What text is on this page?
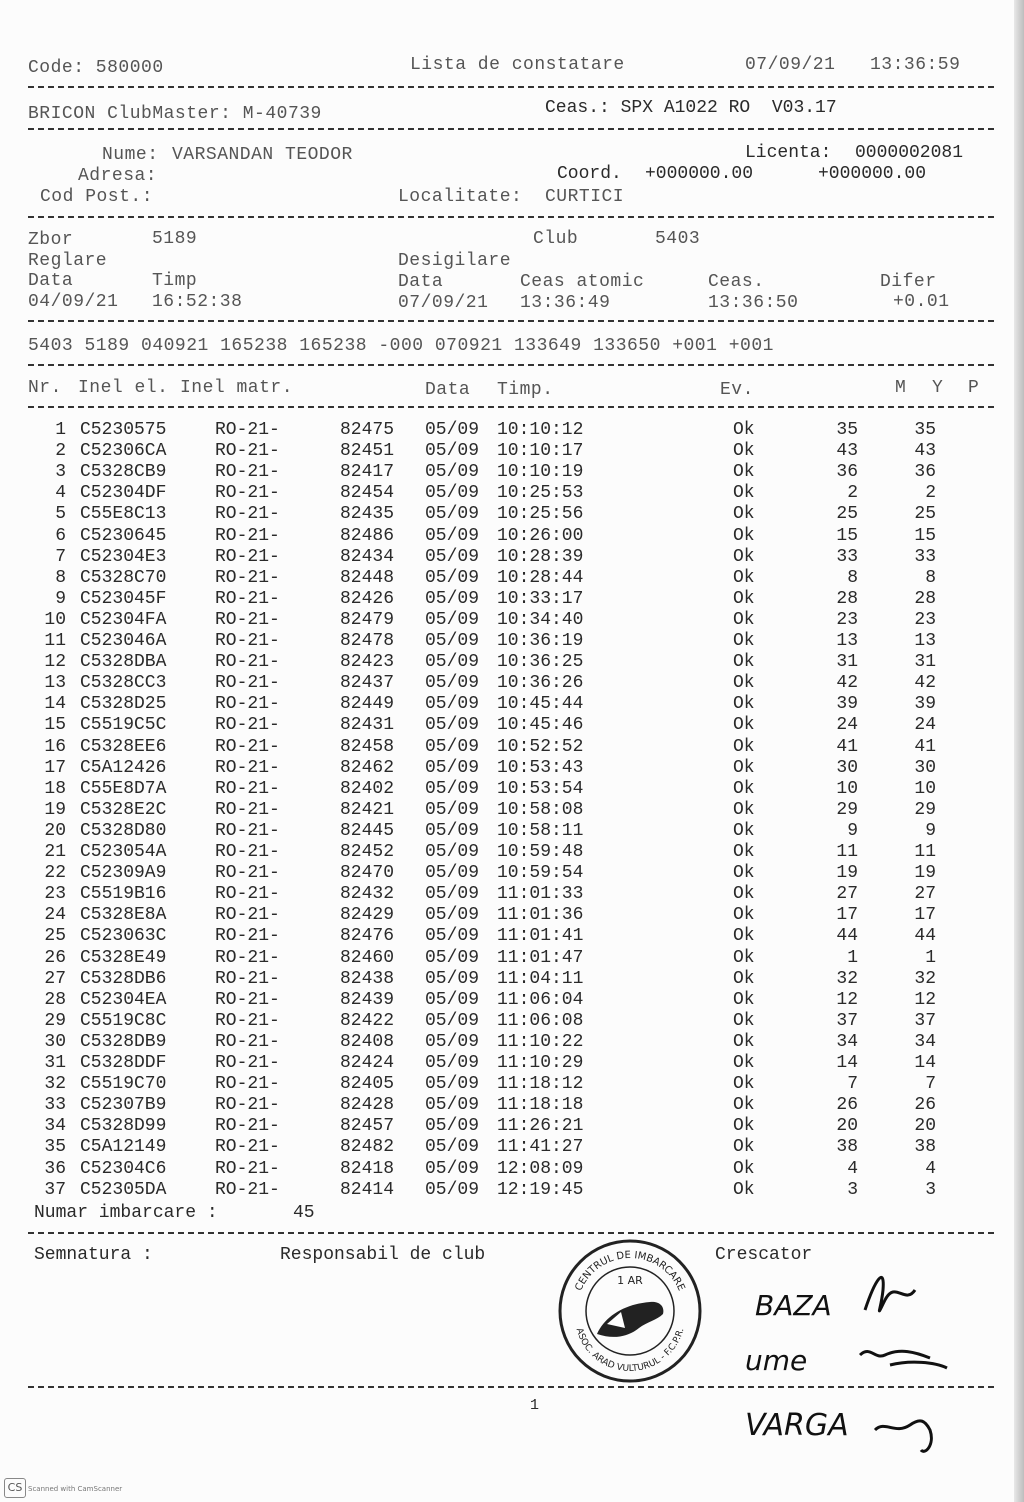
Code: 580000	Lista de constatare	07/09/21 13:36:59
BRICON ClubMaster: M-40739	Ceas.: SPX A1022 RO  V03.17
Nume: VARSANDAN TEODOR	Licenta: 0000002081
Adresa:	Coord. +000000.00	+000000.00
Cod Post.:	Localitate: CURTICI
Zbor	5189	Club	5403
Reglare	Desigilare
Data	Timp	Data	Ceas atomic	Ceas.	Difer
04/09/21 16:52:38	07/09/21 13:36:49	13:36:50	+0.01
5403 5189 040921 165238 165238 -000 070921 133649 133650 +001 +001
Nr. Inel el. Inel matr.	Data Timp.	Ev.	M Y P
1 C5230575	RO-21-	82475 05/09 10:10:12	Ok	35	35
2 C52306CA	RO-21-	82451 05/09 10:10:17	Ok	43	43
3 C5328CB9	RO-21-	82417 05/09 10:10:19	Ok	36	36
4 C52304DF	RO-21-	82454 05/09 10:25:53	Ok	2	2
5 C55E8C13	RO-21-	82435 05/09 10:25:56	Ok	25	25
6 C5230645	RO-21-	82486 05/09 10:26:00	Ok	15	15
7 C52304E3	RO-21-	82434 05/09 10:28:39	Ok	33	33
8 C5328C70	RO-21-	82448 05/09 10:28:44	Ok	8	8
9 C523045F	RO-21-	82426 05/09 10:33:17	Ok	28	28
10 C52304FA	RO-21-	82479 05/09 10:34:40	Ok	23	23
11 C523046A	RO-21-	82478 05/09 10:36:19	Ok	13	13
12 C5328DBA	RO-21-	82423 05/09 10:36:25	Ok	31	31
13 C5328CC3	RO-21-	82437 05/09 10:36:26	Ok	42	42
14 C5328D25	RO-21-	82449 05/09 10:45:44	Ok	39	39
15 C5519C5C	RO-21-	82431 05/09 10:45:46	Ok	24	24
16 C5328EE6	RO-21-	82458 05/09 10:52:52	Ok	41	41
17 C5A12426	RO-21-	82462 05/09 10:53:43	Ok	30	30
18 C55E8D7A	RO-21-	82402 05/09 10:53:54	Ok	10	10
19 C5328E2C	RO-21-	82421 05/09 10:58:08	Ok	29	29
20 C5328D80	RO-21-	82445 05/09 10:58:11	Ok	9	9
21 C523054A	RO-21-	82452 05/09 10:59:48	Ok	11	11
22 C52309A9	RO-21-	82470 05/09 10:59:54	Ok	19	19
23 C5519B16	RO-21-	82432 05/09 11:01:33	Ok	27	27
24 C5328E8A	RO-21-	82429 05/09 11:01:36	Ok	17	17
25 C523063C	RO-21-	82476 05/09 11:01:41	Ok	44	44
26 C5328E49	RO-21-	82460 05/09 11:01:47	Ok	1	1
27 C5328DB6	RO-21-	82438 05/09 11:04:11	Ok	32	32
28 C52304EA	RO-21-	82439 05/09 11:06:04	Ok	12	12
29 C5519C8C	RO-21-	82422 05/09 11:06:08	Ok	37	37
30 C5328DB9	RO-21-	82408 05/09 11:10:22	Ok	34	34
31 C5328DDF	RO-21-	82424 05/09 11:10:29	Ok	14	14
32 C5519C70	RO-21-	82405 05/09 11:18:12	Ok	7	7
33 C52307B9	RO-21-	82428 05/09 11:18:18	Ok	26	26
34 C5328D99	RO-21-	82457 05/09 11:26:21	Ok	20	20
35 C5A12149	RO-21-	82482 05/09 11:41:27	Ok	38	38
36 C52304C6	RO-21-	82418 05/09 12:08:09	Ok	4	4
37 C52305DA	RO-21-	82414 05/09 12:19:45	Ok	3	3
Numar imbarcare :	45
Semnatura :	Responsabil de club	Crescator
CENTRUL DE IMBARCARE
ASOC. ARAD VULTURUL - F.C.P.R.
1 AR
BAZA
ume
VARGA
1
CS Scanned with CamScanner
